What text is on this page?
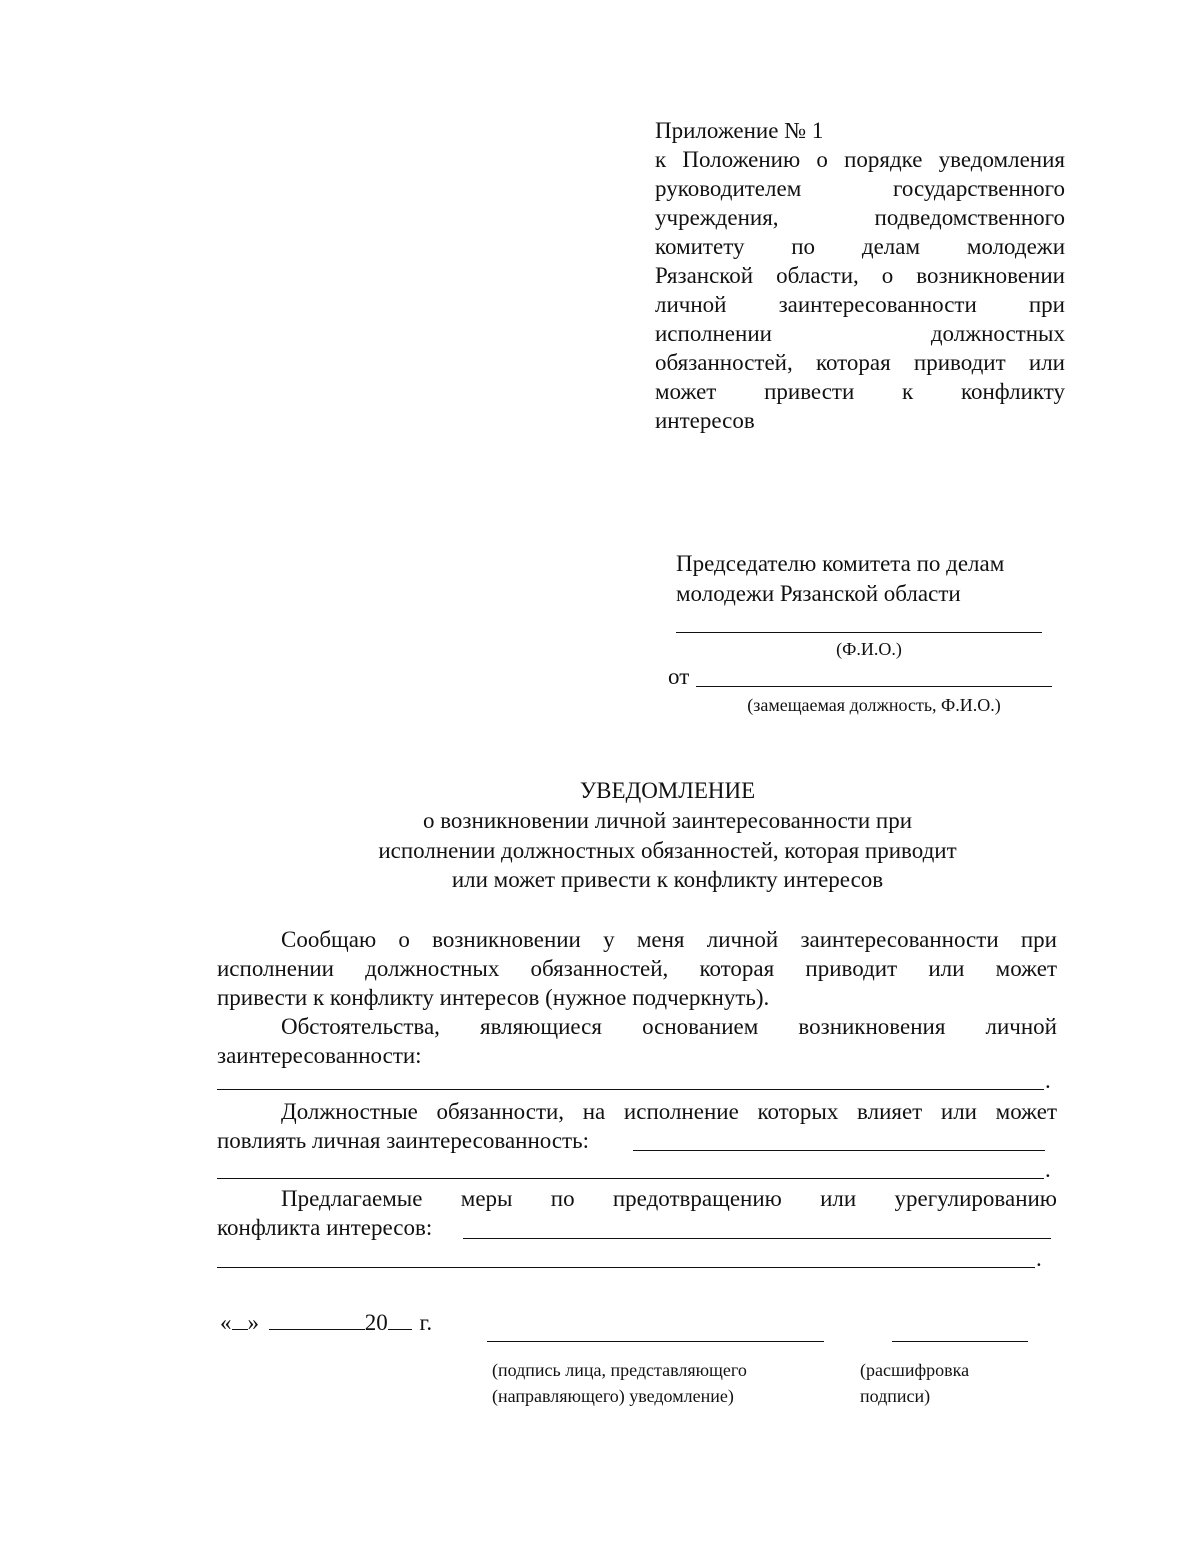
Приложение № 1
к Положению о порядке уведомления
руководителем государственного
учреждения, подведомственного
комитету по делам молодежи
Рязанской области, о возникновении
личной заинтересованности при
исполнении должностных
обязанностей, которая приводит или
может привести к конфликту
интересов
Председателю комитета по делам
молодежи Рязанской области
(Ф.И.О.)
от
(замещаемая должность, Ф.И.О.)
УВЕДОМЛЕНИЕ
о возникновении личной заинтересованности при
исполнении должностных обязанностей, которая приводит
или может привести к конфликту интересов
Сообщаю о возникновении у меня личной заинтересованности при
исполнении должностных обязанностей, которая приводит или может
привести к конфликту интересов (нужное подчеркнуть).
Обстоятельства, являющиеся основанием возникновения личной
заинтересованности:
.
Должностные обязанности, на исполнение которых влияет или может
повлиять личная заинтересованность:
.
Предлагаемые меры по предотвращению или урегулированию
конфликта интересов:
.
« »	20 г.
(подпись лица, представляющего
(направляющего) уведомление)
(расшифровка
подписи)
